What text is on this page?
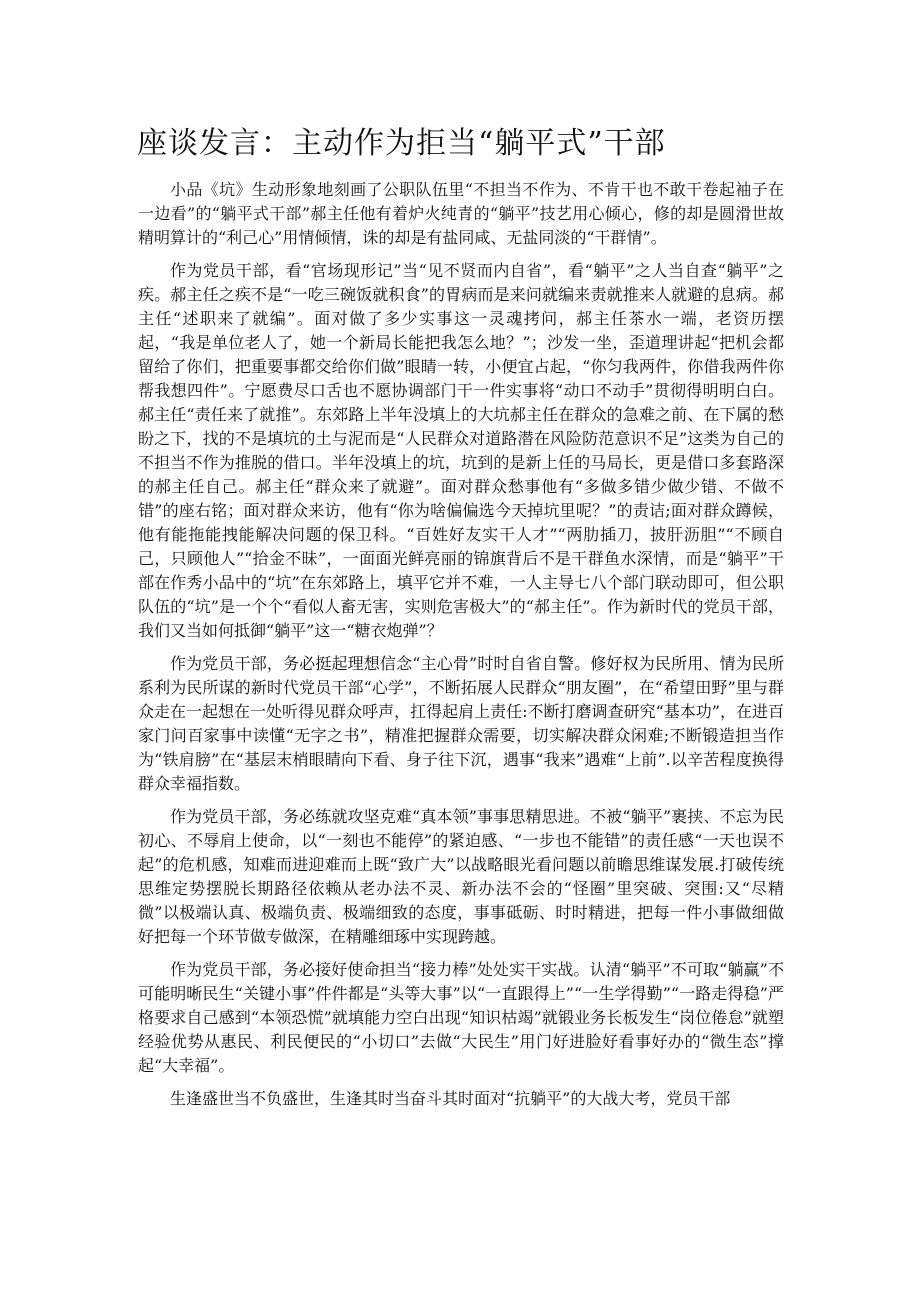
座谈发言：主动作为拒当“躺平式”干部

小品《坑》生动形象地刻画了公职队伍里“不担当不作为、不肯干也不敢干卷起袖子在一边看”的“躺平式干部”郝主任他有着炉火纯青的“躺平”技艺用心倾心，修的却是圆滑世故精明算计的“利己心”用情倾情，诛的却是有盐同咸、无盐同淡的“干群情”。

作为党员干部，看“官场现形记”当“见不贤而内自省”，看“躺平”之人当自查“躺平”之疾。郝主任之疾不是“一吃三碗饭就积食”的胃病而是来问就编来责就推来人就避的息病。郝主任“述职来了就编”。面对做了多少实事这一灵魂拷问，郝主任茶水一端，老资历摆起，“我是单位老人了，她一个新局长能把我怎么地？”；沙发一坐，歪道理讲起“把机会都留给了你们，把重要事都交给你们做”眼睛一转，小便宜占起，“你匀我两件，你借我两件你帮我想四件”。宁愿费尽口舌也不愿协调部门干一件实事将“动口不动手”贯彻得明明白白。郝主任“责任来了就推”。东郊路上半年没填上的大坑郝主任在群众的急难之前、在下属的愁盼之下，找的不是填坑的土与泥而是“人民群众对道路潜在风险防范意识不足”这类为自己的不担当不作为推脱的借口。半年没填上的坑，坑到的是新上任的马局长，更是借口多套路深的郝主任自己。郝主任“群众来了就避”。面对群众愁事他有“多做多错少做少错、不做不错”的座右铭；面对群众来访，他有“你为啥偏偏选今天掉坑里呢？”的责诘;面对群众蹲候，他有能拖能拽能解决问题的保卫科。“百姓好友实干人才”“两肋插刀，披肝沥胆”“不顾自己，只顾他人”“拾金不昧”，一面面光鲜亮丽的锦旗背后不是干群鱼水深情，而是“躺平”干部在作秀小品中的“坑”在东郊路上，填平它并不难，一人主导七八个部门联动即可，但公职队伍的“坑”是一个个“看似人畜无害，实则危害极大”的“郝主任”。作为新时代的党员干部，我们又当如何抵御“躺平”这一“糖衣炮弹”？

作为党员干部，务必挺起理想信念“主心骨”时时自省自警。修好权为民所用、情为民所系利为民所谋的新时代党员干部“心学”，不断拓展人民群众“朋友圈”，在“希望田野”里与群众走在一起想在一处听得见群众呼声，扛得起肩上责任:不断打磨调查研究“基本功”，在进百家门问百家事中读懂“无字之书”，精准把握群众需要，切实解决群众闲难;不断锻造担当作为“铁肩膀”在“基层末梢眼睛向下看、身子往下沉，遇事“我来”遇难“上前”.以辛苦程度换得群众幸福指数。

作为党员干部，务必练就攻坚克难“真本领”事事思精思进。不被“躺平”裹挟、不忘为民初心、不辱肩上使命，以“一刻也不能停”的紧迫感、“一步也不能错”的责任感“一天也误不起”的危机感，知难而进迎难而上既“致广大”以战略眼光看问题以前瞻思维谋发展.打破传统思维定势摆脱长期路径依赖从老办法不灵、新办法不会的“怪圈”里突破、突围:又“尽精微”以极端认真、极端负责、极端细致的态度，事事砥砺、时时精进，把每一件小事做细做好把每一个环节做专做深，在精雕细琢中实现跨越。

作为党员干部，务必接好使命担当“接力棒”处处实干实战。认清“躺平”不可取“躺赢”不可能明晰民生“关键小事”件件都是“头等大事”以“一直跟得上”“一生学得勤”“一路走得稳”严格要求自己感到“本领恐慌”就填能力空白出现“知识枯竭”就锻业务长板发生“岗位倦怠”就塑经验优势从惠民、利民便民的“小切口”去做“大民生”用门好进脸好看事好办的“微生态”撑起“大幸福”。

生逢盛世当不负盛世，生逢其时当奋斗其时面对“抗躺平”的大战大考，党员干部
